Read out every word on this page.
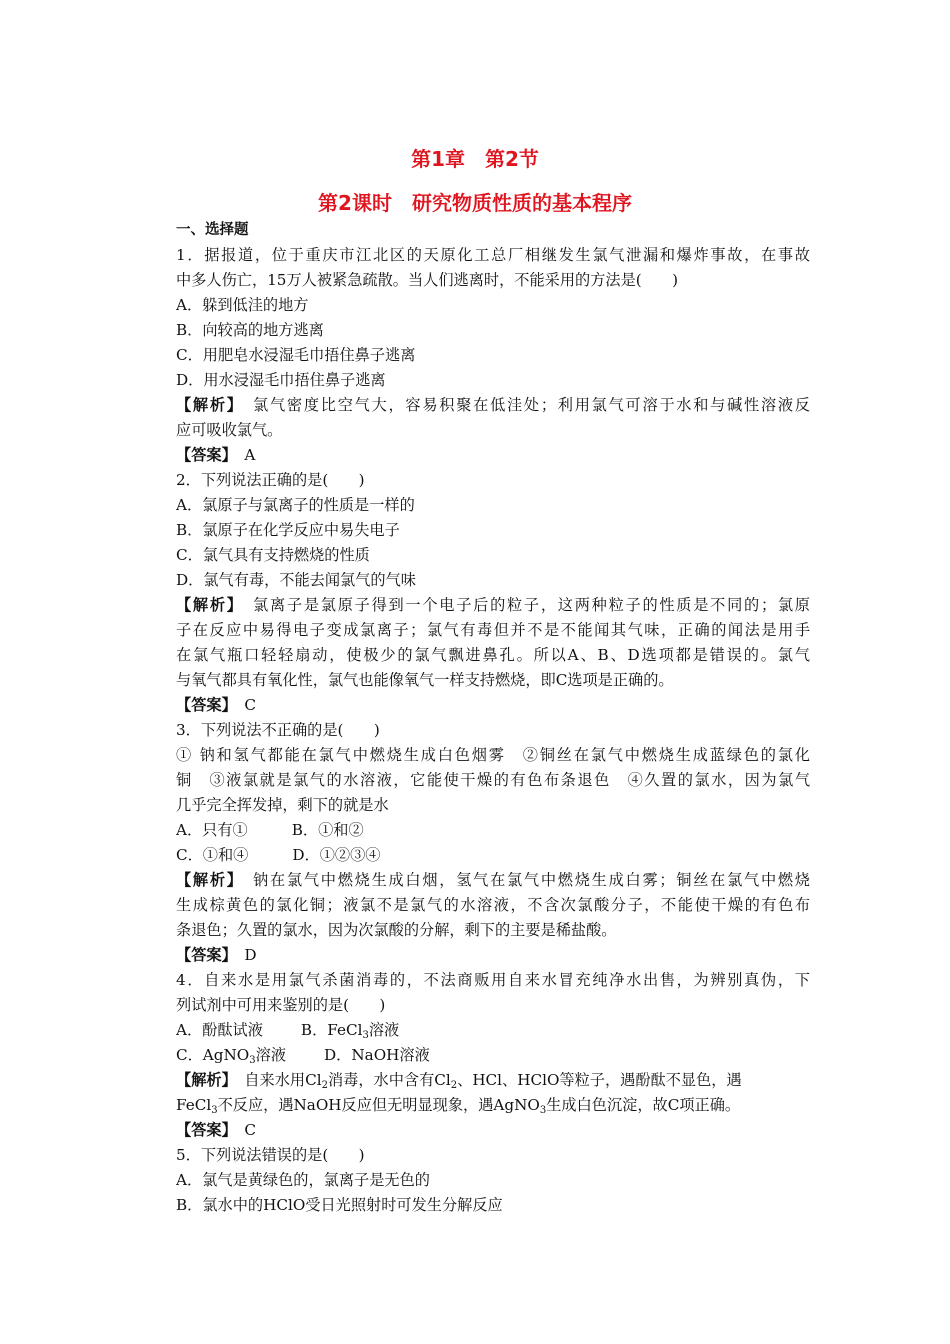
第1章　第2节
第2课时　研究物质性质的基本程序
一、选择题
1．据报道，位于重庆市江北区的天原化工总厂相继发生氯气泄漏和爆炸事故，在事故
中多人伤亡，15万人被紧急疏散。当人们逃离时，不能采用的方法是(　　)
A．躲到低洼的地方
B．向较高的地方逃离
C．用肥皂水浸湿毛巾捂住鼻子逃离
D．用水浸湿毛巾捂住鼻子逃离
【解析】　氯气密度比空气大，容易积聚在低洼处；利用氯气可溶于水和与碱性溶液反
应可吸收氯气。
【答案】　A
2．下列说法正确的是(　　)
A．氯原子与氯离子的性质是一样的
B．氯原子在化学反应中易失电子
C．氯气具有支持燃烧的性质
D．氯气有毒，不能去闻氯气的气味
【解析】　氯离子是氯原子得到一个电子后的粒子，这两种粒子的性质是不同的；氯原
子在反应中易得电子变成氯离子；氯气有毒但并不是不能闻其气味，正确的闻法是用手
在氯气瓶口轻轻扇动，使极少的氯气飘进鼻孔。所以A、B、D选项都是错误的。氯气
与氧气都具有氧化性，氯气也能像氧气一样支持燃烧，即C选项是正确的。
【答案】　C
3．下列说法不正确的是(　　)
① 钠和氢气都能在氯气中燃烧生成白色烟雾　②铜丝在氯气中燃烧生成蓝绿色的氯化
铜　③液氯就是氯气的水溶液，它能使干燥的有色布条退色　④久置的氯水，因为氯气
几乎完全挥发掉，剩下的就是水
A．只有①	B．①和②
C．①和④	D．①②③④
【解析】　钠在氯气中燃烧生成白烟，氢气在氯气中燃烧生成白雾；铜丝在氯气中燃烧
生成棕黄色的氯化铜；液氯不是氯气的水溶液，不含次氯酸分子，不能使干燥的有色布
条退色；久置的氯水，因为次氯酸的分解，剩下的主要是稀盐酸。
【答案】　D
4．自来水是用氯气杀菌消毒的，不法商贩用自来水冒充纯净水出售，为辨别真伪，下
列试剂中可用来鉴别的是(　　)
A．酚酞试液	B．FeCl$_3$溶液
C．AgNO$_3$溶液	D．NaOH溶液
【解析】　自来水用$Cl_2$消毒，水中含有$Cl_2$、HCl、HClO等粒子，遇酚酞不显色，遇
FeCl$_3$不反应，遇NaOH反应但无明显现象，遇AgNO$_3$生成白色沉淀，故C项正确。
【答案】　C
5．下列说法错误的是(　　)
A．氯气是黄绿色的，氯离子是无色的
B．氯水中的HClO受日光照射时可发生分解反应
